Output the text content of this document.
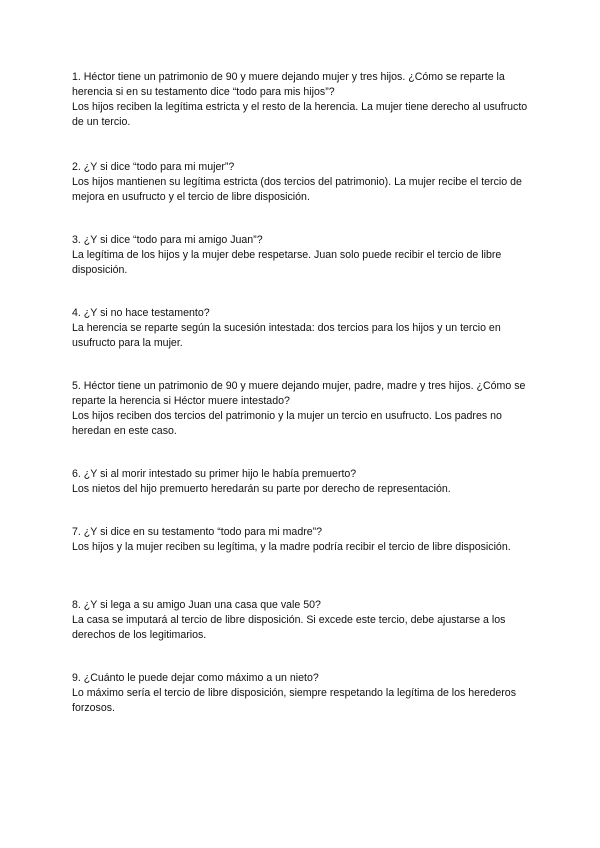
1. Héctor tiene un patrimonio de 90 y muere dejando mujer y tres hijos. ¿Cómo se reparte la herencia si en su testamento dice “todo para mis hijos”?

Los hijos reciben la legítima estricta y el resto de la herencia. La mujer tiene derecho al usufructo de un tercio.

2. ¿Y si dice “todo para mi mujer”?

Los hijos mantienen su legítima estricta (dos tercios del patrimonio). La mujer recibe el tercio de mejora en usufructo y el tercio de libre disposición.

3. ¿Y si dice “todo para mi amigo Juan”?

La legítima de los hijos y la mujer debe respetarse. Juan solo puede recibir el tercio de libre disposición.

4. ¿Y si no hace testamento?

La herencia se reparte según la sucesión intestada: dos tercios para los hijos y un tercio en usufructo para la mujer.

5. Héctor tiene un patrimonio de 90 y muere dejando mujer, padre, madre y tres hijos. ¿Cómo se reparte la herencia si Héctor muere intestado?

Los hijos reciben dos tercios del patrimonio y la mujer un tercio en usufructo. Los padres no heredan en este caso.

6. ¿Y si al morir intestado su primer hijo le había premuerto?

Los nietos del hijo premuerto heredarán su parte por derecho de representación.

7. ¿Y si dice en su testamento “todo para mi madre”?

Los hijos y la mujer reciben su legítima, y la madre podría recibir el tercio de libre disposición.

8. ¿Y si lega a su amigo Juan una casa que vale 50?

La casa se imputará al tercio de libre disposición. Si excede este tercio, debe ajustarse a los derechos de los legitimarios.

9. ¿Cuánto le puede dejar como máximo a un nieto?

Lo máximo sería el tercio de libre disposición, siempre respetando la legítima de los herederos forzosos.
